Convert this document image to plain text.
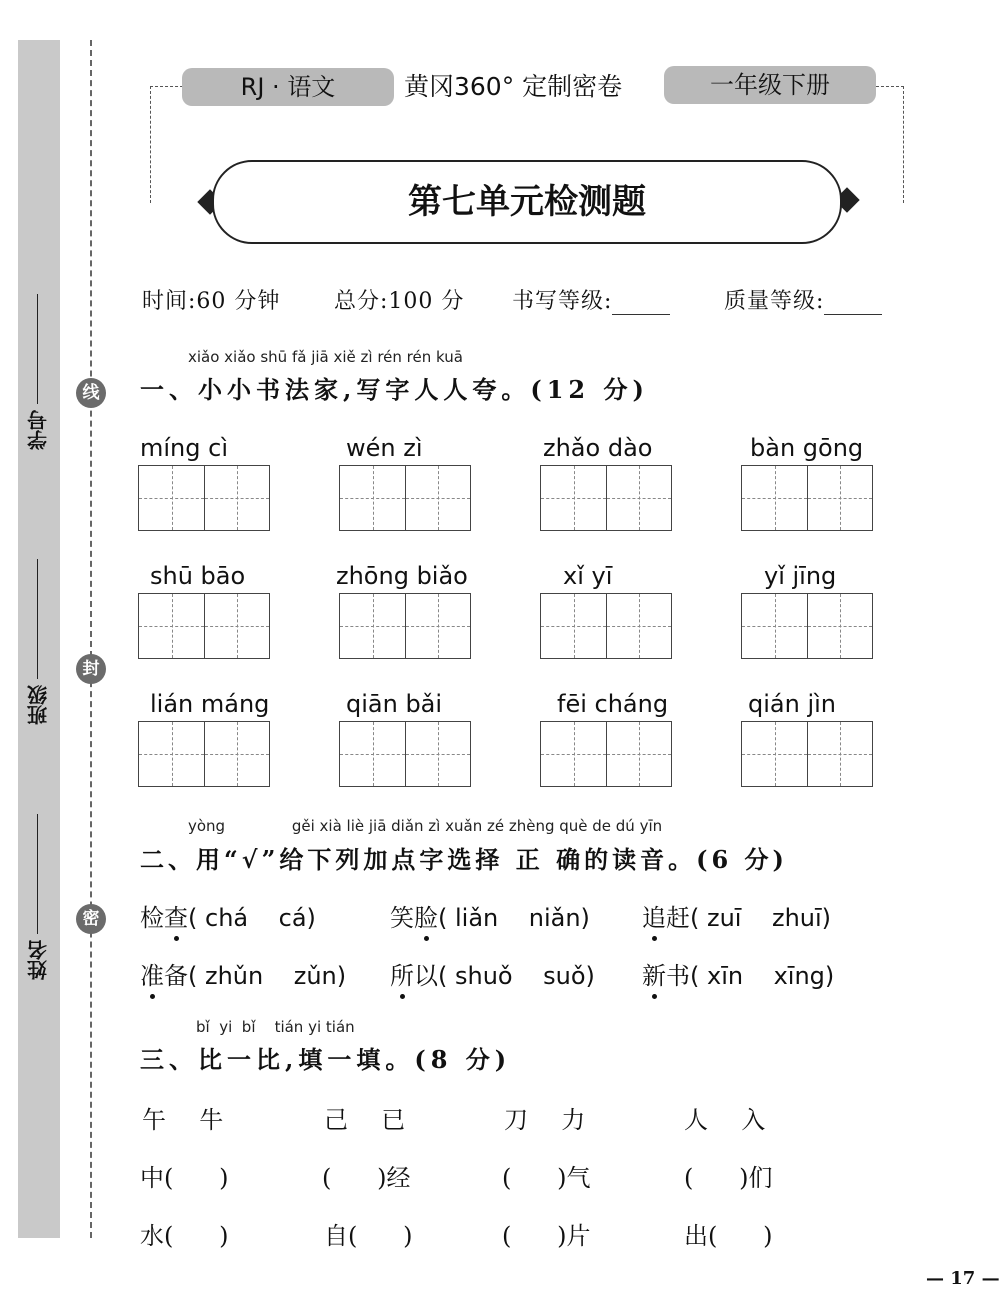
学号
班级
姓名
线
封
密
RJ · 语文	黄冈360° 定制密卷	一年级下册
第七单元检测题
时间:60 分钟 总分:100 分 书写等级:	质量等级:
xiǎo xiǎo shū fǎ jiā xiě zì rén rén kuā
一、小小书法家,写字人人夸。(12 分)
míng cì	wén zì	zhǎo dào	bàn gōng
shū bāo	zhōng biǎo	xǐ yī	yǐ jīng
lián máng	qiān bǎi	fēi cháng	qián jìn
yòng              gěi xià liè jiā diǎn zì xuǎn zé zhèng què de dú yīn
二、用“√”给下列加点字选择 正 确的读音。(6 分)
检查( chá    cá)	笑脸( liǎn    niǎn) 追赶( zuī    zhuī)
准备( zhǔn    zǔn) 所以( shuǒ    suǒ) 新书( xīn    xīng)
bǐ  yi  bǐ    tián yi tián
三、比一比,填一填。(8 分)
午  牛	己  已	刀  力	人  入
中(      )	(      )经	(      )气	(      )们
水(      )	自(      )	(      )片	出(      )
— 17 —
